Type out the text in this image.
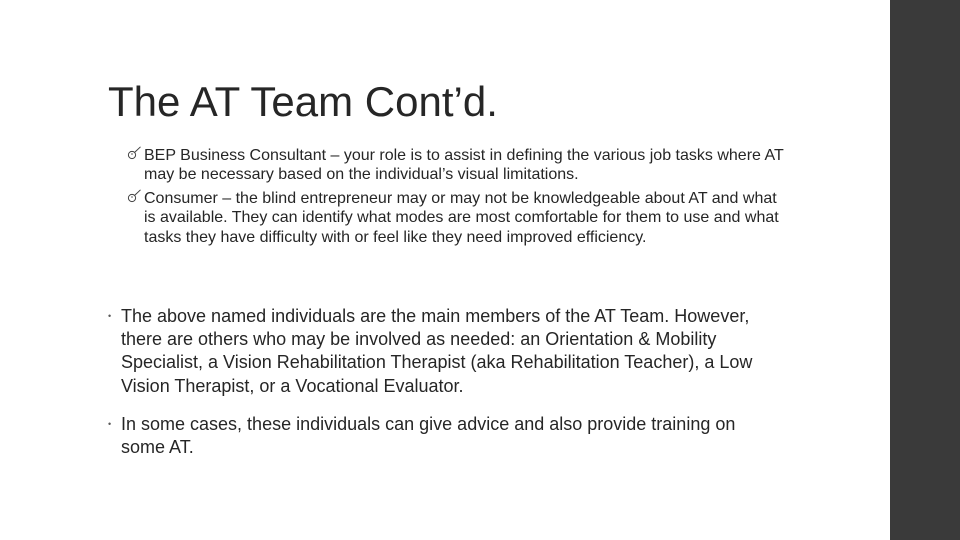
The AT Team Cont’d.
BEP Business Consultant – your role is to assist in defining the various job tasks where AT may be necessary based on the individual’s visual limitations.
Consumer – the blind entrepreneur may or may not be knowledgeable about AT and what is available. They can identify what modes are most comfortable for them to use and what tasks they have difficulty with or feel like they need improved efficiency.
• The above named individuals are the main members of the AT Team. However, there are others who may be involved as needed: an Orientation & Mobility Specialist, a Vision Rehabilitation Therapist (aka Rehabilitation Teacher), a Low Vision Therapist, or a Vocational Evaluator.
• In some cases, these individuals can give advice and also provide training on some AT.
